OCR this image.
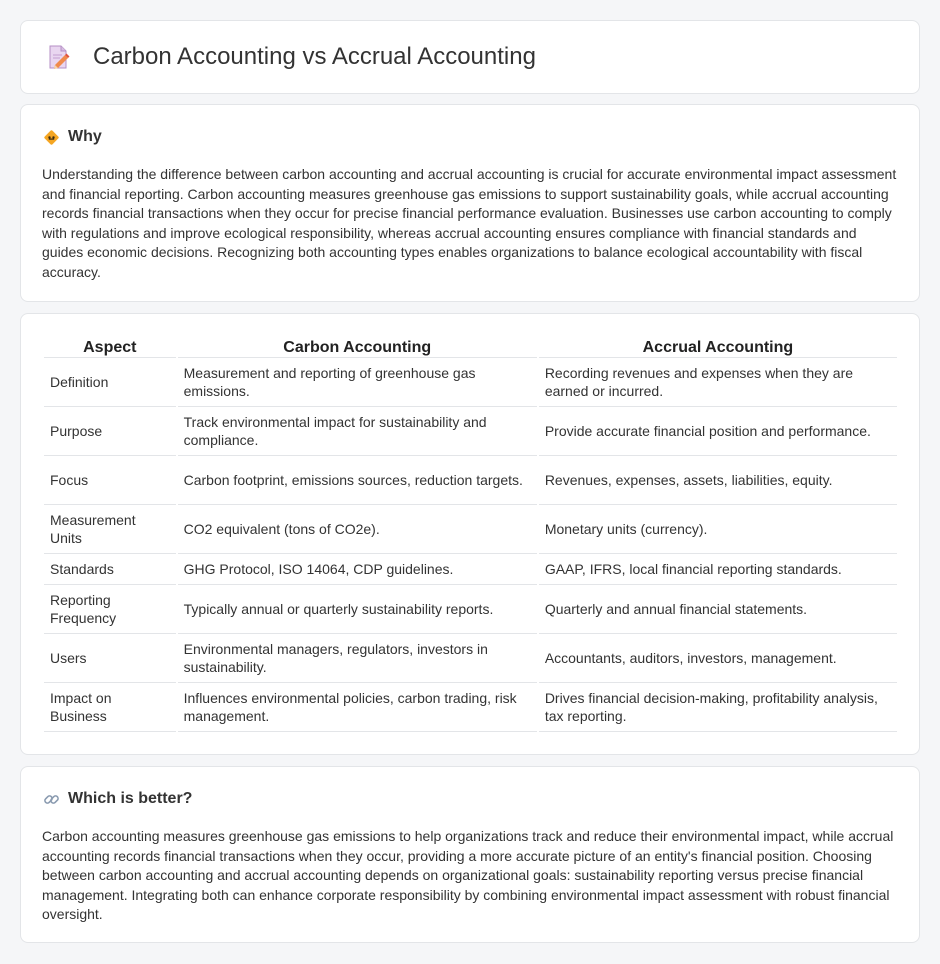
Carbon Accounting vs Accrual Accounting
Why

Understanding the difference between carbon accounting and accrual accounting is crucial for accurate environmental impact assessment and financial reporting. Carbon accounting measures greenhouse gas emissions to support sustainability goals, while accrual accounting records financial transactions when they occur for precise financial performance evaluation. Businesses use carbon accounting to comply with regulations and improve ecological responsibility, whereas accrual accounting ensures compliance with financial standards and guides economic decisions. Recognizing both accounting types enables organizations to balance ecological accountability with fiscal accuracy.

Aspect	Carbon Accounting	Accrual Accounting
Definition	Measurement and reporting of greenhouse gas emissions.	Recording revenues and expenses when they are earned or incurred.
Purpose	Track environmental impact for sustainability and compliance.	Provide accurate financial position and performance.
Focus	Carbon footprint, emissions sources, reduction targets.	Revenues, expenses, assets, liabilities, equity.
Measurement Units	CO2 equivalent (tons of CO2e).	Monetary units (currency).
Standards	GHG Protocol, ISO 14064, CDP guidelines.	GAAP, IFRS, local financial reporting standards.
Reporting Frequency	Typically annual or quarterly sustainability reports.	Quarterly and annual financial statements.
Users	Environmental managers, regulators, investors in sustainability.	Accountants, auditors, investors, management.
Impact on Business	Influences environmental policies, carbon trading, risk management.	Drives financial decision-making, profitability analysis, tax reporting.
Which is better?

Carbon accounting measures greenhouse gas emissions to help organizations track and reduce their environmental impact, while accrual accounting records financial transactions when they occur, providing a more accurate picture of an entity's financial position. Choosing between carbon accounting and accrual accounting depends on organizational goals: sustainability reporting versus precise financial management. Integrating both can enhance corporate responsibility by combining environmental impact assessment with robust financial oversight.
